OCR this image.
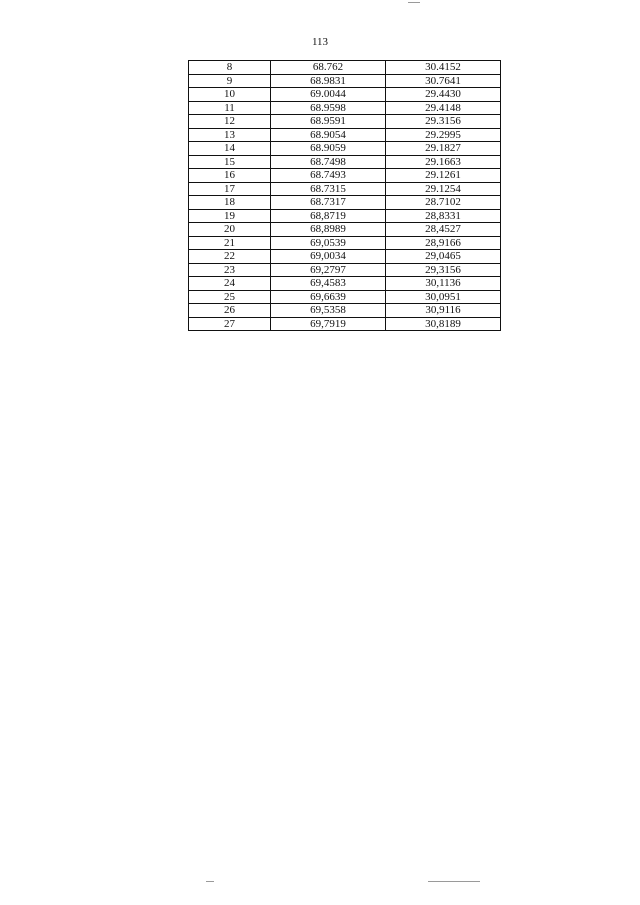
113
8	68.762	30.4152
9	68.9831	30.7641
10	69.0044	29.4430
11	68.9598	29.4148
12	68.9591	29.3156
13	68.9054	29.2995
14	68.9059	29.1827
15	68.7498	29.1663
16	68.7493	29.1261
17	68.7315	29.1254
18	68.7317	28.7102
19	68,8719	28,8331
20	68,8989	28,4527
21	69,0539	28,9166
22	69,0034	29,0465
23	69,2797	29,3156
24	69,4583	30,1136
25	69,6639	30,0951
26	69,5358	30,9116
27	69,7919	30,8189
